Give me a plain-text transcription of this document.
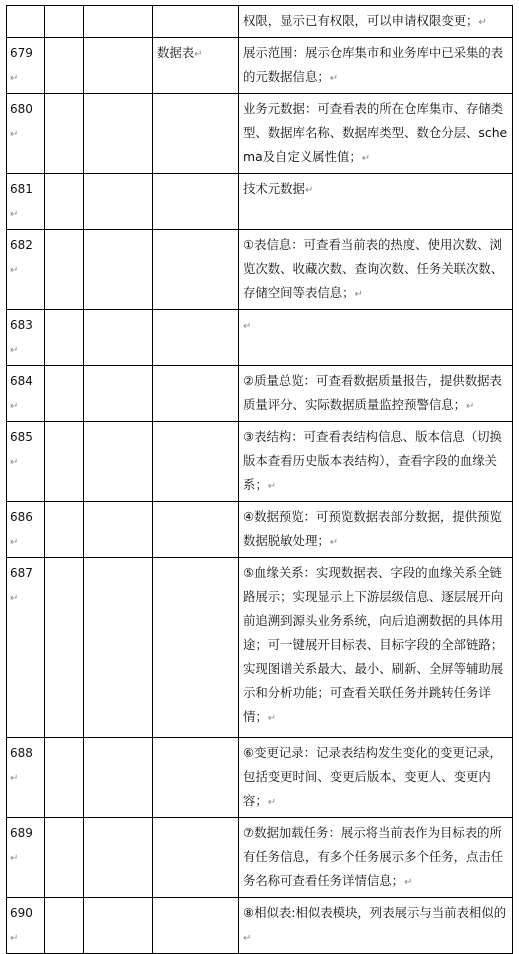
				权限，显示已有权限，可以申请权限变更；↵
679↵			数据表↵	展示范围：展示仓库集市和业务库中已采集的表的元数据信息；↵
680↵				业务元数据：可查看表的所在仓库集市、存储类型、数据库名称、数据库类型、数仓分层、schema及自定义属性值；↵
681↵				技术元数据↵
682↵				①表信息：可查看当前表的热度、使用次数、浏览次数、收藏次数、查询次数、任务关联次数、存储空间等表信息；↵
683↵				↵
684↵				②质量总览：可查看数据质量报告，提供数据表质量评分、实际数据质量监控预警信息；↵
685↵				③表结构：可查看表结构信息、版本信息（切换版本查看历史版本表结构），查看字段的血缘关系；↵
686↵				④数据预览：可预览数据表部分数据，提供预览数据脱敏处理；↵
687↵				⑤血缘关系：实现数据表、字段的血缘关系全链路展示；实现显示上下游层级信息、逐层展开向前追溯到源头业务系统，向后追溯数据的具体用途；可一键展开目标表、目标字段的全部链路；实现图谱关系最大、最小、刷新、全屏等辅助展示和分析功能；可查看关联任务并跳转任务详情；↵
688↵				⑥变更记录：记录表结构发生变化的变更记录，包括变更时间、变更后版本、变更人、变更内容；↵
689↵				⑦数据加载任务：展示将当前表作为目标表的所有任务信息，有多个任务展示多个任务，点击任务名称可查看任务详情信息；↵
690↵				⑧相似表:相似表模块，列表展示与当前表相似的↵
